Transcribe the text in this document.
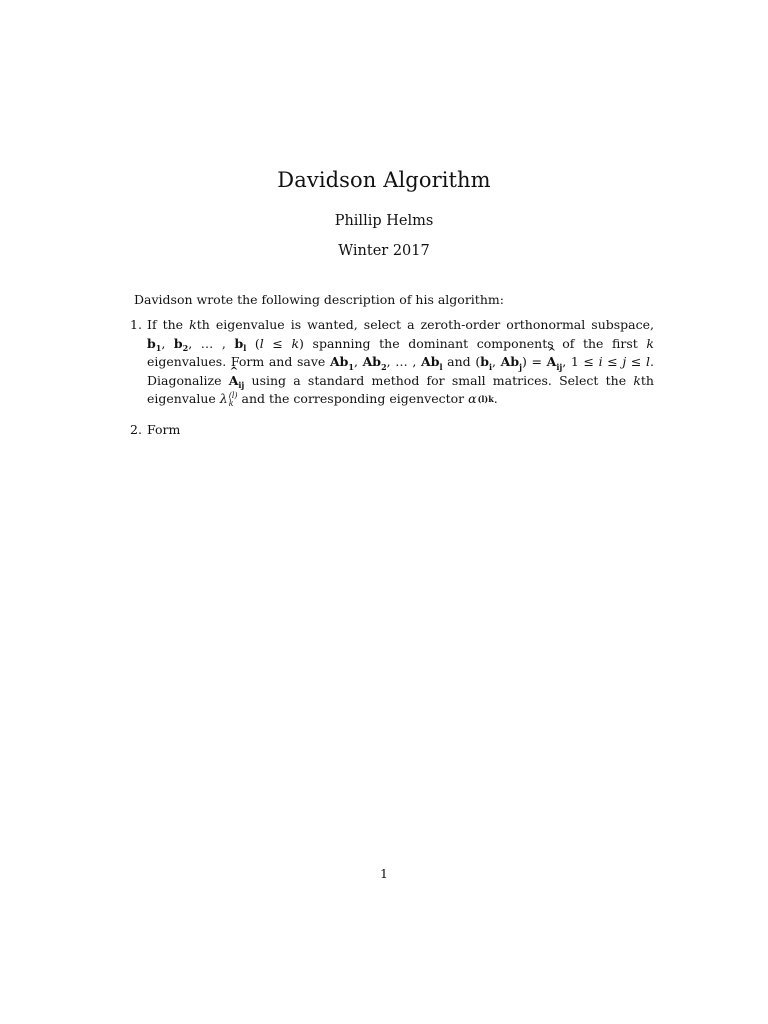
Davidson Algorithm
Phillip Helms
Winter 2017
Davidson wrote the following description of his algorithm:
1. If the kth eigenvalue is wanted, select a zeroth-order orthonormal subspace, $b_1$, $b_2$, … , $b_l$ (l ≤ k) spanning the dominant components of the first k eigenvalues. Form and save $Ab_1$, $Ab_2$, … , $Ab_l$ and ($b_i$, $Ab_j$) = ^ $A_{ij}$, 1 ≤ i ≤ j ≤ l. Diagonalize ^ $A_{ij}$ using a standard method for small matrices. Select the kth eigenvalue λ (l)
k and the corresponding eigenvector α(l)k.
2. Form
1
